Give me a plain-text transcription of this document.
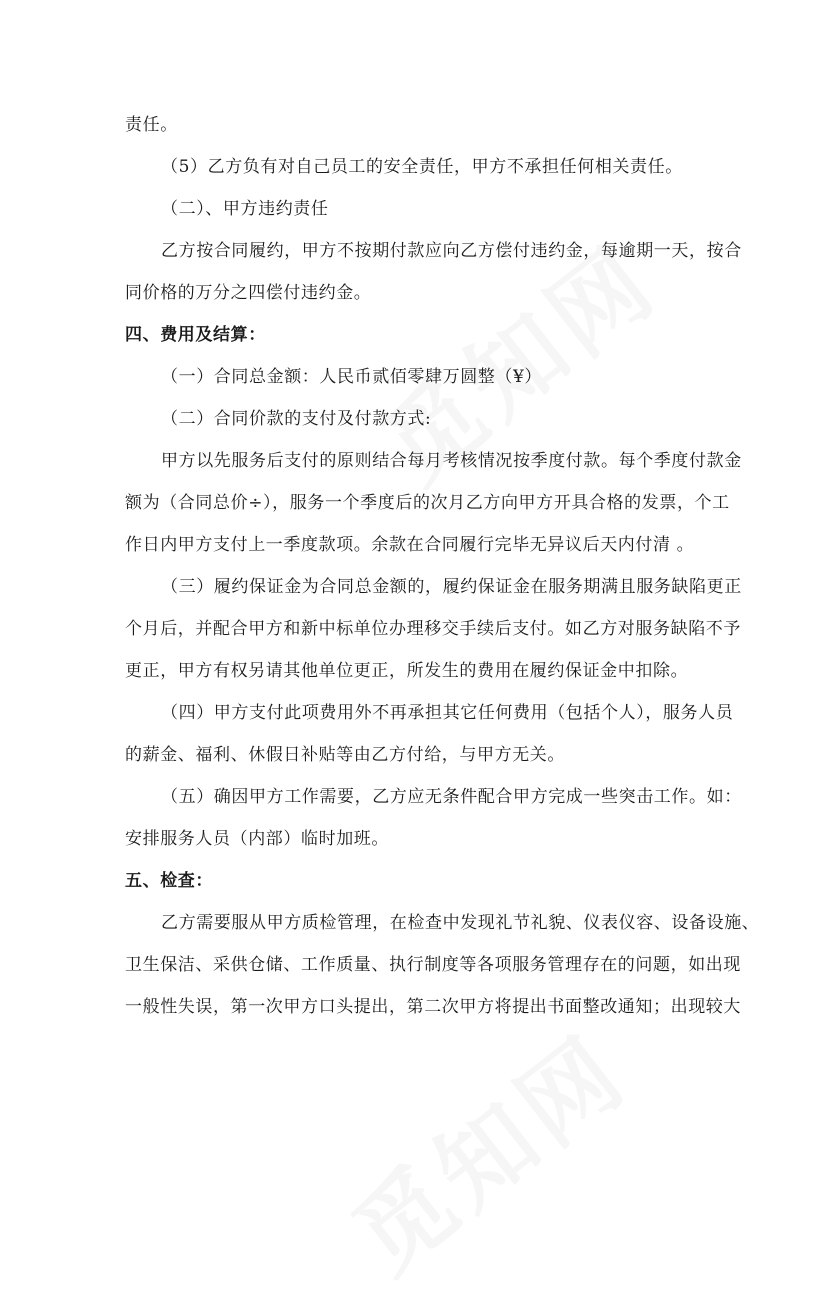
责任。
（5）乙方负有对自己员工的安全责任，甲方不承担任何相关责任。
（二）、甲方违约责任
乙方按合同履约，甲方不按期付款应向乙方偿付违约金，每逾期一天，按合
同价格的万分之四偿付违约金。
四、费用及结算：
（一）合同总金额：人民币贰佰零肆万圆整（¥）
（二）合同价款的支付及付款方式:
甲方以先服务后支付的原则结合每月考核情况按季度付款。每个季度付款金
额为（合同总价÷），服务一个季度后的次月乙方向甲方开具合格的发票，个工
作日内甲方支付上一季度款项。余款在合同履行完毕无异议后天内付清 。
（三）履约保证金为合同总金额的，履约保证金在服务期满且服务缺陷更正
个月后，并配合甲方和新中标单位办理移交手续后支付。如乙方对服务缺陷不予
更正，甲方有权另请其他单位更正，所发生的费用在履约保证金中扣除。
（四）甲方支付此项费用外不再承担其它任何费用（包括个人），服务人员
的薪金、福利、休假日补贴等由乙方付给，与甲方无关。
（五）确因甲方工作需要，乙方应无条件配合甲方完成一些突击工作。如：
安排服务人员（内部）临时加班。
五、检查：
乙方需要服从甲方质检管理，在检查中发现礼节礼貌、仪表仪容、设备设施、
卫生保洁、采供仓储、工作质量、执行制度等各项服务管理存在的问题，如出现
一般性失误，第一次甲方口头提出，第二次甲方将提出书面整改通知；出现较大
